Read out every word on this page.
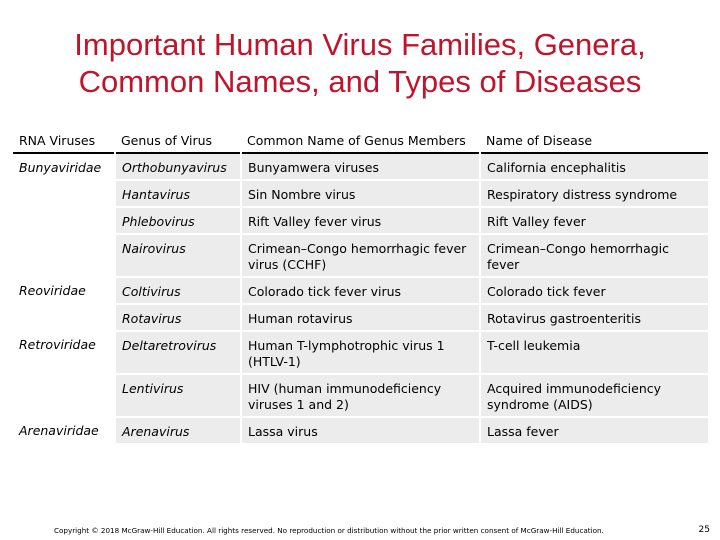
Important Human Virus Families, Genera,
Common Names, and Types of Diseases
RNA Viruses	Genus of Virus	Common Name of Genus Members	Name of Disease
Bunyaviridae	Orthobunyavirus	Bunyamwera viruses	California encephalitis
	Hantavirus	Sin Nombre virus	Respiratory distress syndrome
	Phlebovirus	Rift Valley fever virus	Rift Valley fever
	Nairovirus	Crimean–Congo hemorrhagic fever virus (CCHF)	Crimean–Congo hemorrhagic fever
Reoviridae	Coltivirus	Colorado tick fever virus	Colorado tick fever
	Rotavirus	Human rotavirus	Rotavirus gastroenteritis
Retroviridae	Deltaretrovirus	Human T-lymphotrophic virus 1 (HTLV-1)	T-cell leukemia
	Lentivirus	HIV (human immunodeficiency viruses 1 and 2)	Acquired immunodeficiency syndrome (AIDS)
Arenaviridae	Arenavirus	Lassa virus	Lassa fever
Copyright © 2018 McGraw-Hill Education. All rights reserved. No reproduction or distribution without the prior written consent of McGraw-Hill Education.	25
